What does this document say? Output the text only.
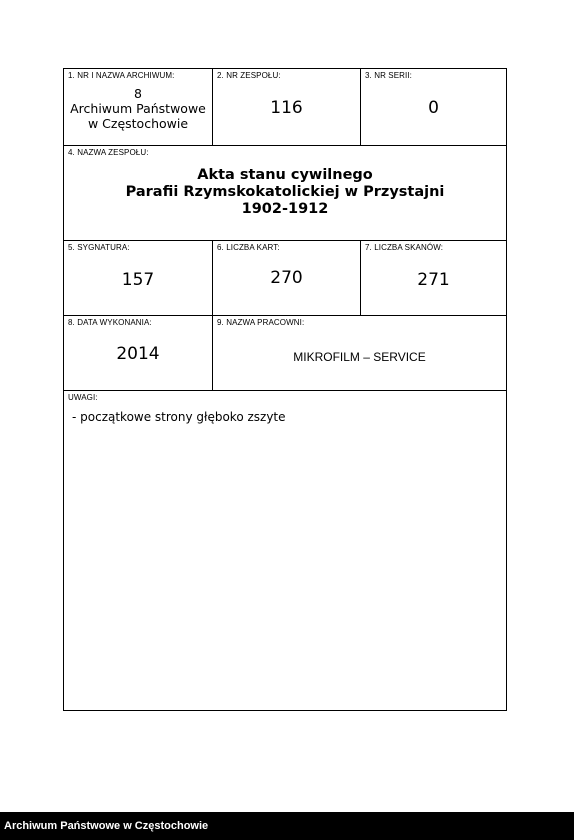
1. NR I NAZWA ARCHIWUM:
8
Archiwum Państwowe
w Częstochowie
2. NR ZESPOŁU:
116
3. NR SERII:
0
4. NAZWA ZESPOŁU:
Akta stanu cywilnego
Parafii Rzymskokatolickiej w Przystajni
1902-1912
5. SYGNATURA:
157
6. LICZBA KART:
270
7. LICZBA SKANÓW:
271
8. DATA WYKONANIA:
2014
9. NAZWA PRACOWNI:
MIKROFILM – SERVICE
UWAGI:
- początkowe strony głęboko zszyte
Archiwum Państwowe w Częstochowie
